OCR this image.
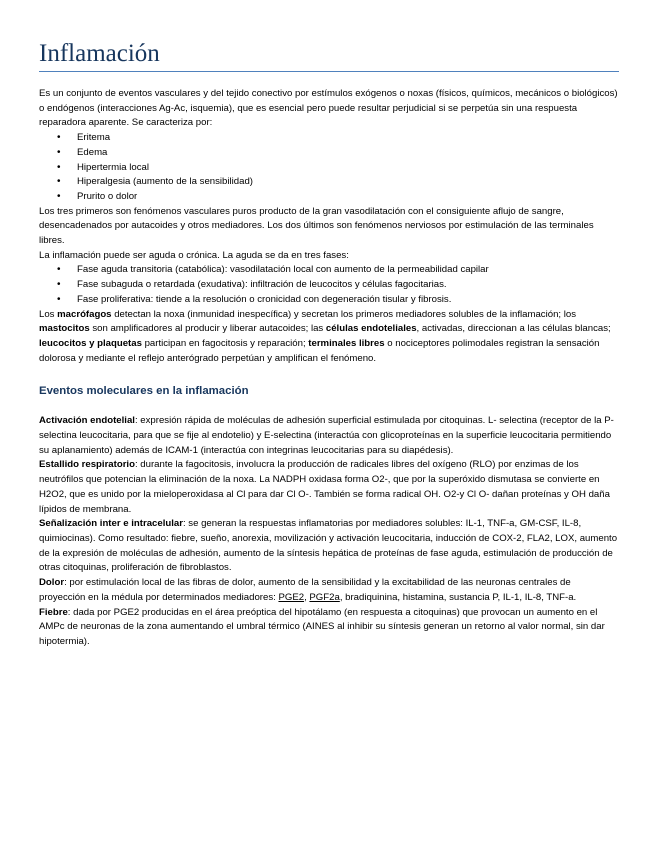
Inflamación

Es un conjunto de eventos vasculares y del tejido conectivo por estímulos exógenos o noxas (físicos, químicos, mecánicos o biológicos) o endógenos (interacciones Ag-Ac, isquemia), que es esencial pero puede resultar perjudicial si se perpetúa sin una respuesta reparadora aparente. Se caracteriza por:

• Eritema
• Edema
• Hipertermia local
• Hiperalgesia (aumento de la sensibilidad)
• Prurito o dolor

Los tres primeros son fenómenos vasculares puros producto de la gran vasodilatación con el consiguiente aflujo de sangre, desencadenados por autacoides y otros mediadores. Los dos últimos son fenómenos nerviosos por estimulación de las terminales libres.

La inflamación puede ser aguda o crónica. La aguda se da en tres fases:

• Fase aguda transitoria (catabólica): vasodilatación local con aumento de la permeabilidad capilar
• Fase subaguda o retardada (exudativa): infiltración de leucocitos y células fagocitarias.
• Fase proliferativa: tiende a la resolución o cronicidad con degeneración tisular y fibrosis.

Los macrófagos detectan la noxa (inmunidad inespecífica) y secretan los primeros mediadores solubles de la inflamación; los mastocitos son amplificadores al producir y liberar autacoides; las células endoteliales, activadas, direccionan a las células blancas; leucocitos y plaquetas participan en fagocitosis y reparación; terminales libres o nociceptores polimodales registran la sensación dolorosa y mediante el reflejo anterógrado perpetúan y amplifican el fenómeno.

Eventos moleculares en la inflamación

Activación endotelial: expresión rápida de moléculas de adhesión superficial estimulada por citoquinas. L- selectina (receptor de la P- selectina leucocitaria, para que se fije al endotelio) y E-selectina (interactúa con glicoproteínas en la superficie leucocitaria permitiendo su aplanamiento) además de ICAM-1 (interactúa con integrinas leucocitarias para su diapédesis).

Estallido respiratorio: durante la fagocitosis, involucra la producción de radicales libres del oxígeno (RLO) por enzimas de los neutrófilos que potencian la eliminación de la noxa. La NADPH oxidasa forma O2-, que por la superóxido dismutasa se convierte en H2O2, que es unido por la mieloperoxidasa al Cl para dar Cl O-. También se forma radical OH. O2-y Cl O- dañan proteínas y OH daña lípidos de membrana.

Señalización inter e intracelular: se generan la respuestas inflamatorias por mediadores solubles: IL-1, TNF-a, GM-CSF, IL-8, quimiocinas). Como resultado: fiebre, sueño, anorexia, movilización y activación leucocitaria, inducción de COX-2, FLA2, LOX, aumento de la expresión de moléculas de adhesión, aumento de la síntesis hepática de proteínas de fase aguda, estimulación de producción de otras citoquinas, proliferación de fibroblastos.

Dolor: por estimulación local de las fibras de dolor, aumento de la sensibilidad y la excitabilidad de las neuronas centrales de proyección en la médula por determinados mediadores: PGE2, PGF2a, bradiquinina, histamina, sustancia P, IL-1, IL-8, TNF-a.

Fiebre: dada por PGE2 producidas en el área preóptica del hipotálamo (en respuesta a citoquinas) que provocan un aumento en el AMPc de neuronas de la zona aumentando el umbral térmico (AINES al inhibir su síntesis generan un retorno al valor normal, sin dar hipotermia).
